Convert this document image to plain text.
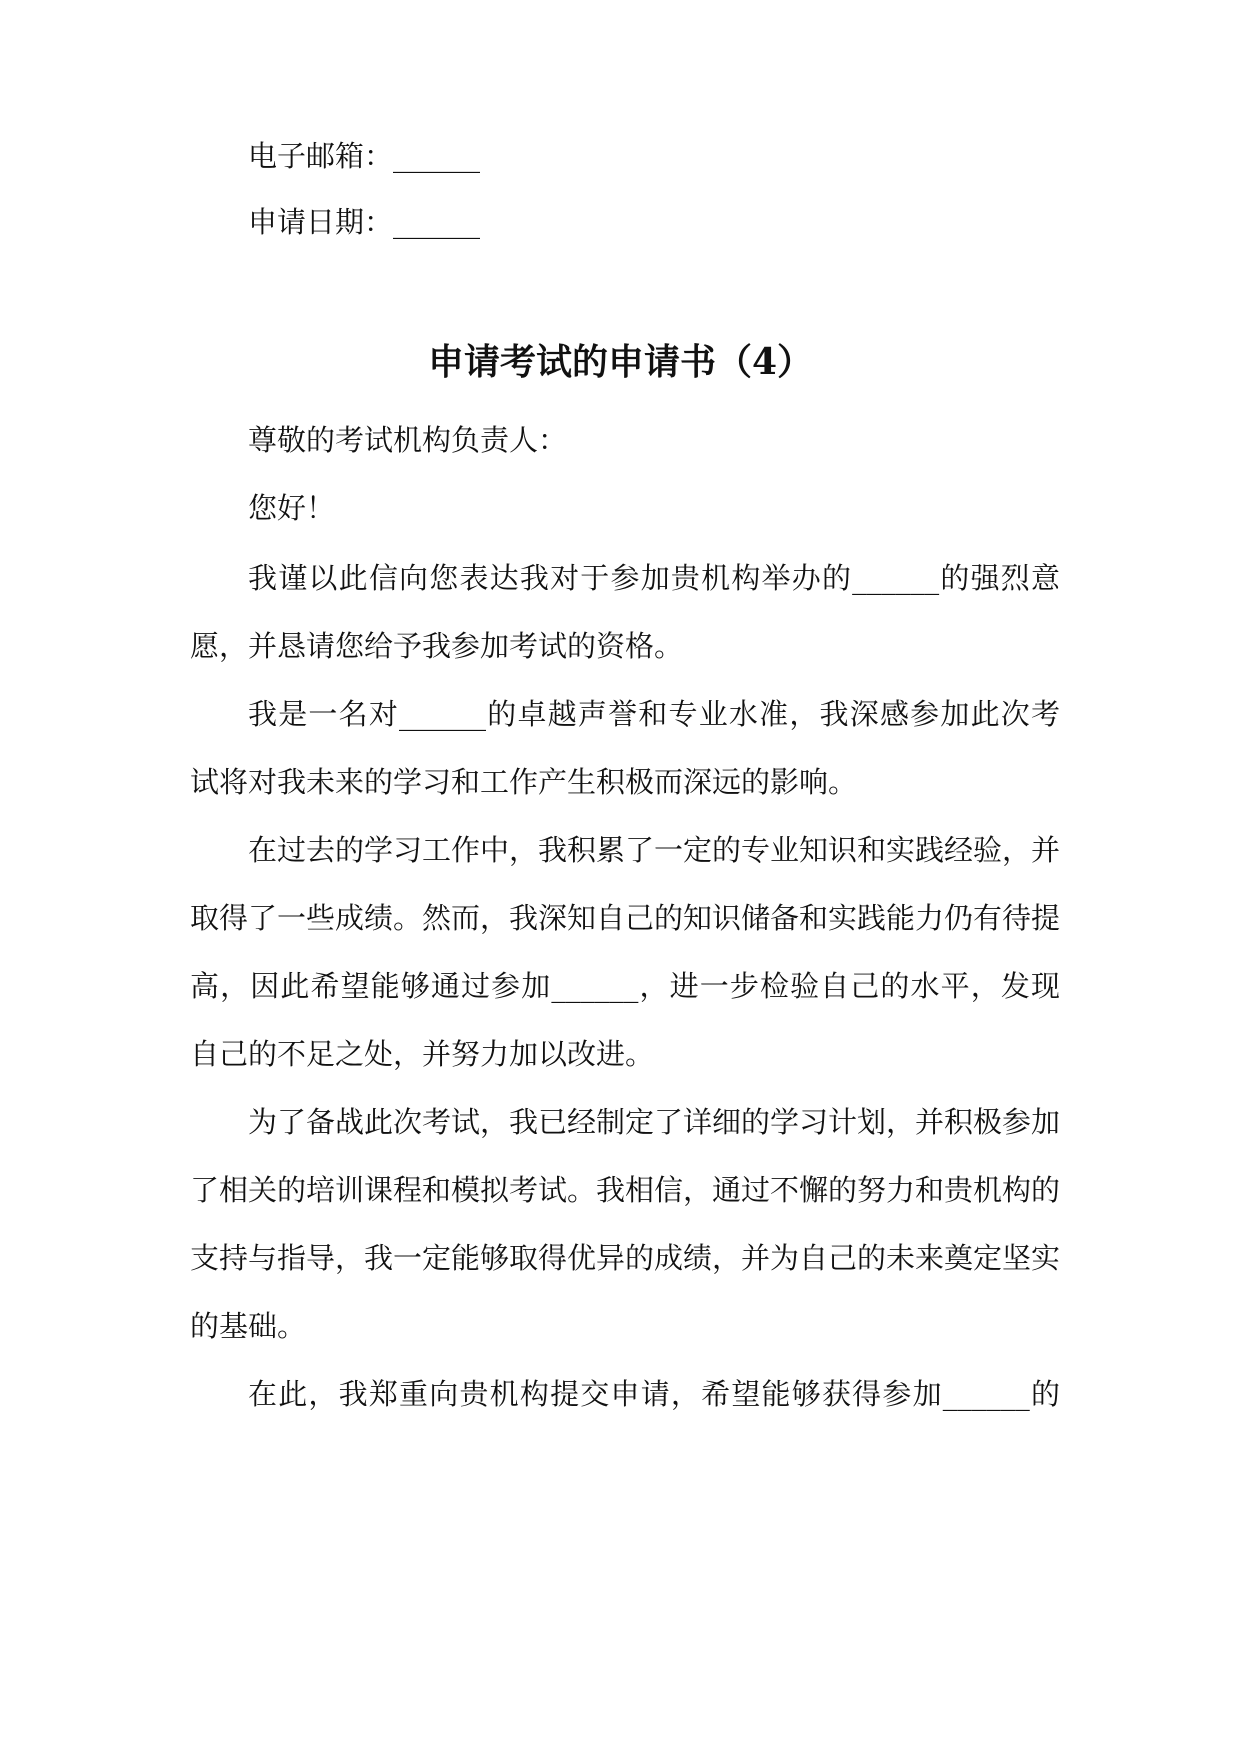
电子邮箱：______
申请日期：______
申请考试的申请书（4）
尊敬的考试机构负责人：
您好！
我谨以此信向您表达我对于参加贵机构举办的______的强烈意
愿，并恳请您给予我参加考试的资格。
我是一名对______的卓越声誉和专业水准，我深感参加此次考
试将对我未来的学习和工作产生积极而深远的影响。
在过去的学习工作中，我积累了一定的专业知识和实践经验，并
取得了一些成绩。然而，我深知自己的知识储备和实践能力仍有待提
高，因此希望能够通过参加______，进一步检验自己的水平，发现
自己的不足之处，并努力加以改进。
为了备战此次考试，我已经制定了详细的学习计划，并积极参加
了相关的培训课程和模拟考试。我相信，通过不懈的努力和贵机构的
支持与指导，我一定能够取得优异的成绩，并为自己的未来奠定坚实
的基础。
在此，我郑重向贵机构提交申请，希望能够获得参加______的
